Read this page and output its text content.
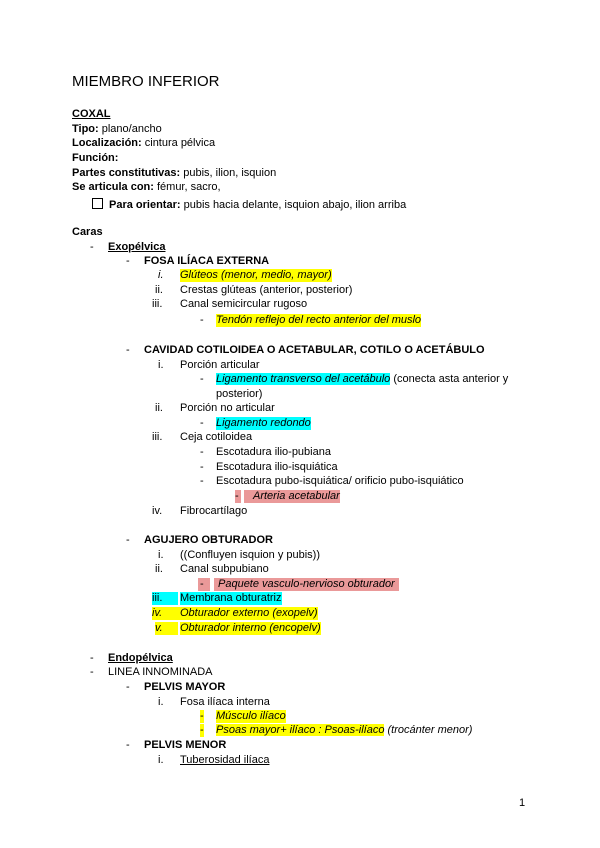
MIEMBRO INFERIOR
COXAL
Tipo: plano/ancho
Localización: cintura pélvica
Función:
Partes constitutivas: pubis, ilion, isquion
Se articula con: fémur, sacro,
Para orientar: pubis hacia delante, isquion abajo, ilion arriba
Caras
- Exopélvica
- FOSA ILÍACA EXTERNA
i. Glúteos (menor, medio, mayor)
ii. Crestas glúteas (anterior, posterior)
iii. Canal semicircular rugoso
- Tendón reflejo del recto anterior del muslo
- CAVIDAD COTILOIDEA O ACETABULAR, COTILO O ACETÁBULO
i. Porción articular
- Ligamento transverso del acetábulo (conecta asta anterior y
posterior)
ii. Porción no articular
- Ligamento redondo
iii. Ceja cotiloidea
- Escotadura ilio-pubiana
- Escotadura ilio-isquiática
- Escotadura pubo-isquiática/ orificio pubo-isquiático
-	Arteria acetabular
iv. Fibrocartílago
- AGUJERO OBTURADOR
i. ((Confluyen isquion y pubis))
ii. Canal subpubiano
-	Paquete vasculo-nervioso obturador
iii.	Membrana obturatriz
iv.	Obturador externo (exopelv)
v.	Obturador interno (encopelv)
- Endopélvica
- LINEA INNOMINADA
- PELVIS MAYOR
i. Fosa ilíaca interna
- Músculo ilíaco
- Psoas mayor+ ilíaco : Psoas-ilíaco (trocánter menor)
- PELVIS MENOR
i. Tuberosidad ilíaca
1
